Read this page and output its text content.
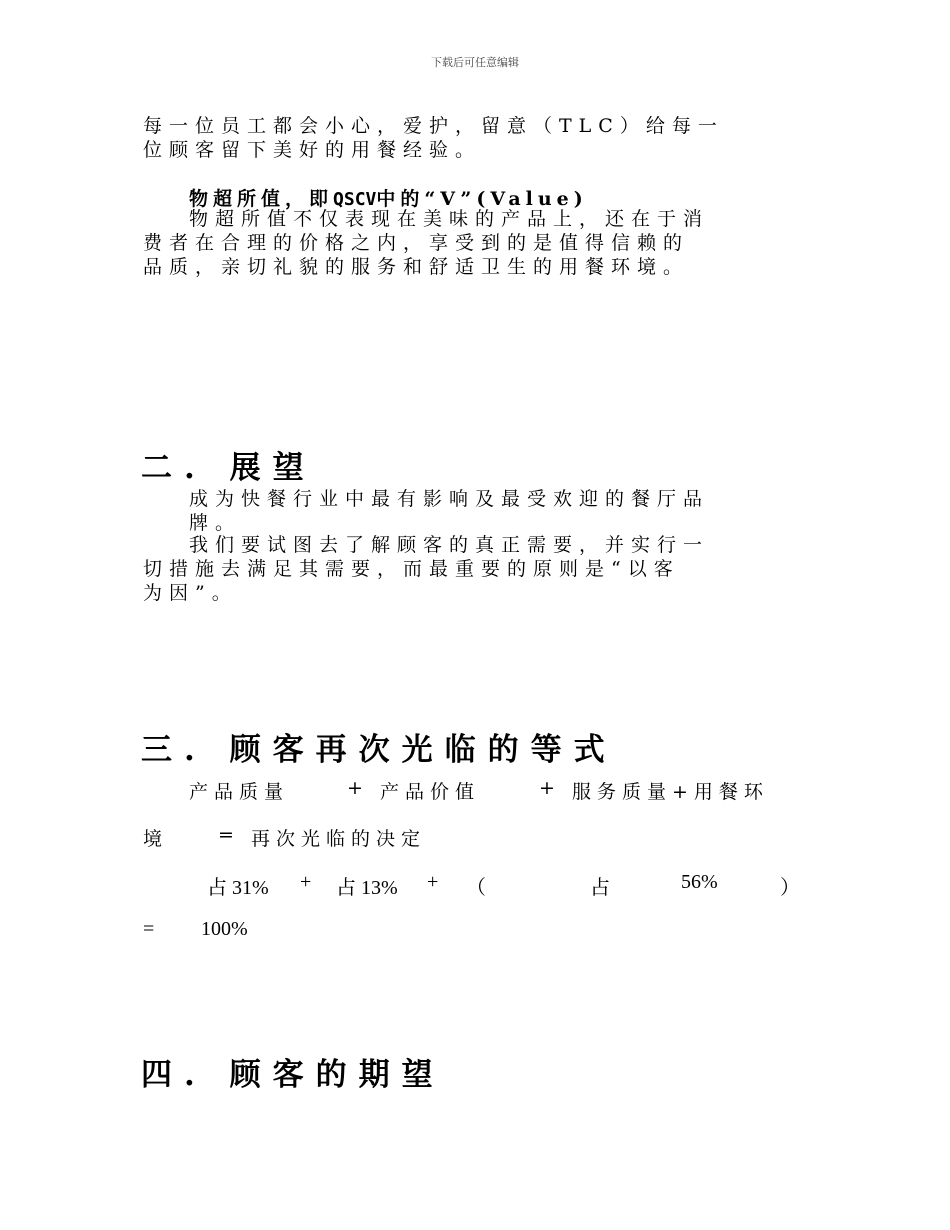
下载后可任意编辑
每一位员工都会小心，爱护，留意（TLC）给每一
位顾客留下美好的用餐经验。
物超所值，即QSCV中的“V”(Value)
物超所值不仅表现在美味的产品上，还在于消
费者在合理的价格之内，享受到的是值得信赖的
品质，亲切礼貌的服务和舒适卫生的用餐环境。
二. 展望
成为快餐行业中最有影响及最受欢迎的餐厅品
牌。
我们要试图去了解顾客的真正需要，并实行一
切措施去满足其需要，而最重要的原则是“以客
为因”。
三. 顾客再次光临的等式
产品质量	+ 产品价值	+ 服务质量+用餐环
境	= 再次光临的决定
占 31% + 占 13% + （	占	56%	）
= 100%
四. 顾客的期望
